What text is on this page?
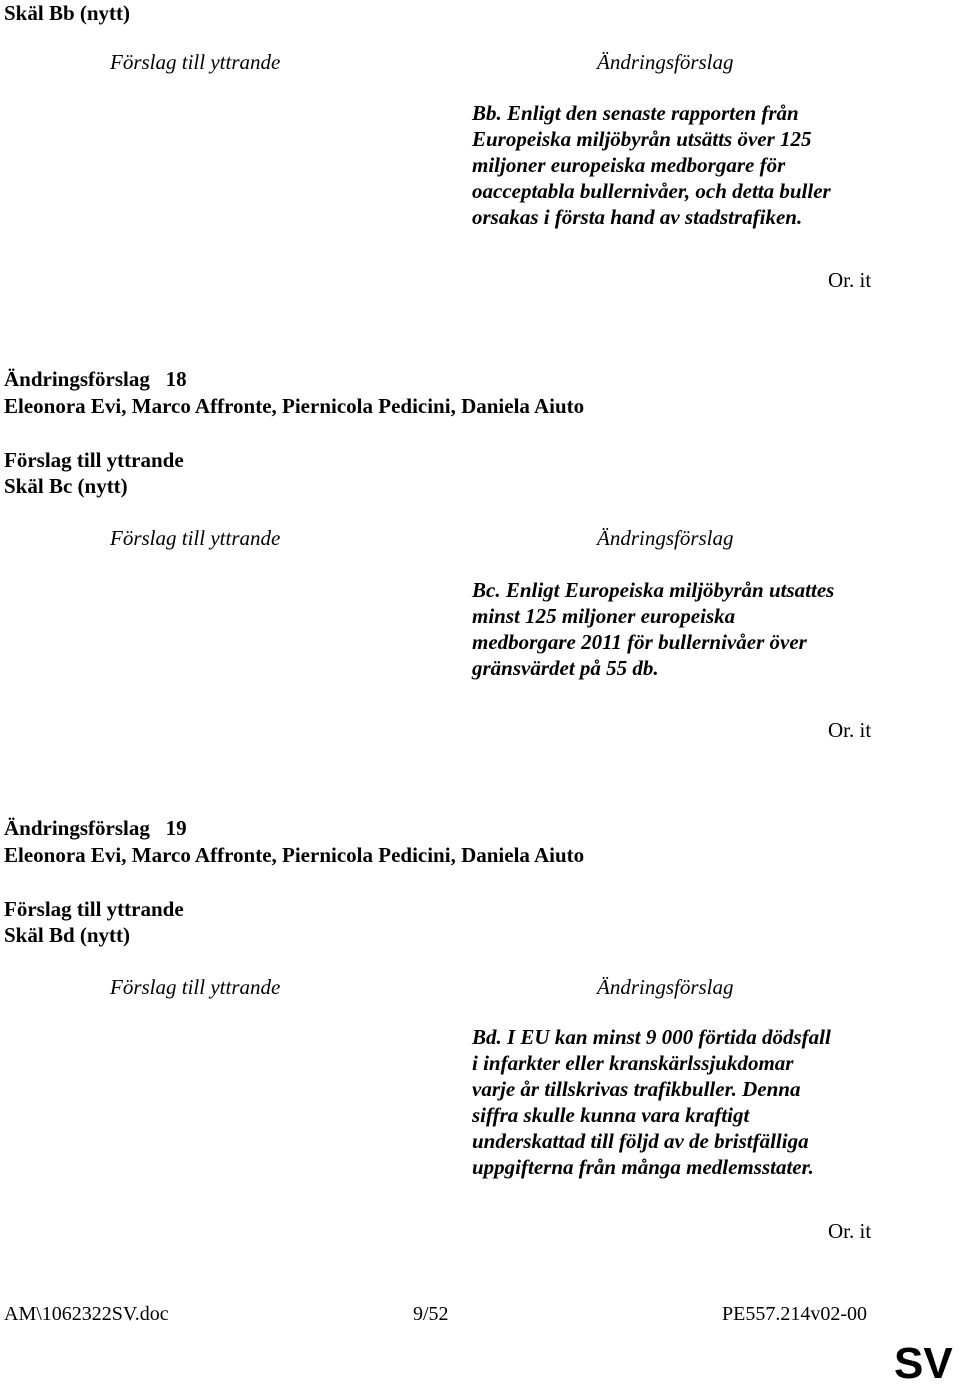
Skäl Bb (nytt)
Förslag till yttrande	Ändringsförslag
Bb. Enligt den senaste rapporten från
Europeiska miljöbyrån utsätts över 125
miljoner europeiska medborgare för
oacceptabla bullernivåer, och detta buller
orsakas i första hand av stadstrafiken.
Or. it
Ändringsförslag 18
Eleonora Evi, Marco Affronte, Piernicola Pedicini, Daniela Aiuto
Förslag till yttrande
Skäl Bc (nytt)
Förslag till yttrande	Ändringsförslag
Bc. Enligt Europeiska miljöbyrån utsattes
minst 125 miljoner europeiska
medborgare 2011 för bullernivåer över
gränsvärdet på 55 db.
Or. it
Ändringsförslag 19
Eleonora Evi, Marco Affronte, Piernicola Pedicini, Daniela Aiuto
Förslag till yttrande
Skäl Bd (nytt)
Förslag till yttrande	Ändringsförslag
Bd. I EU kan minst 9 000 förtida dödsfall
i infarkter eller kranskärlssjukdomar
varje år tillskrivas trafikbuller. Denna
siffra skulle kunna vara kraftigt
underskattad till följd av de bristfälliga
uppgifterna från många medlemsstater.
Or. it
AM\1062322SV.doc	9/52	PE557.214v02-00
SV
